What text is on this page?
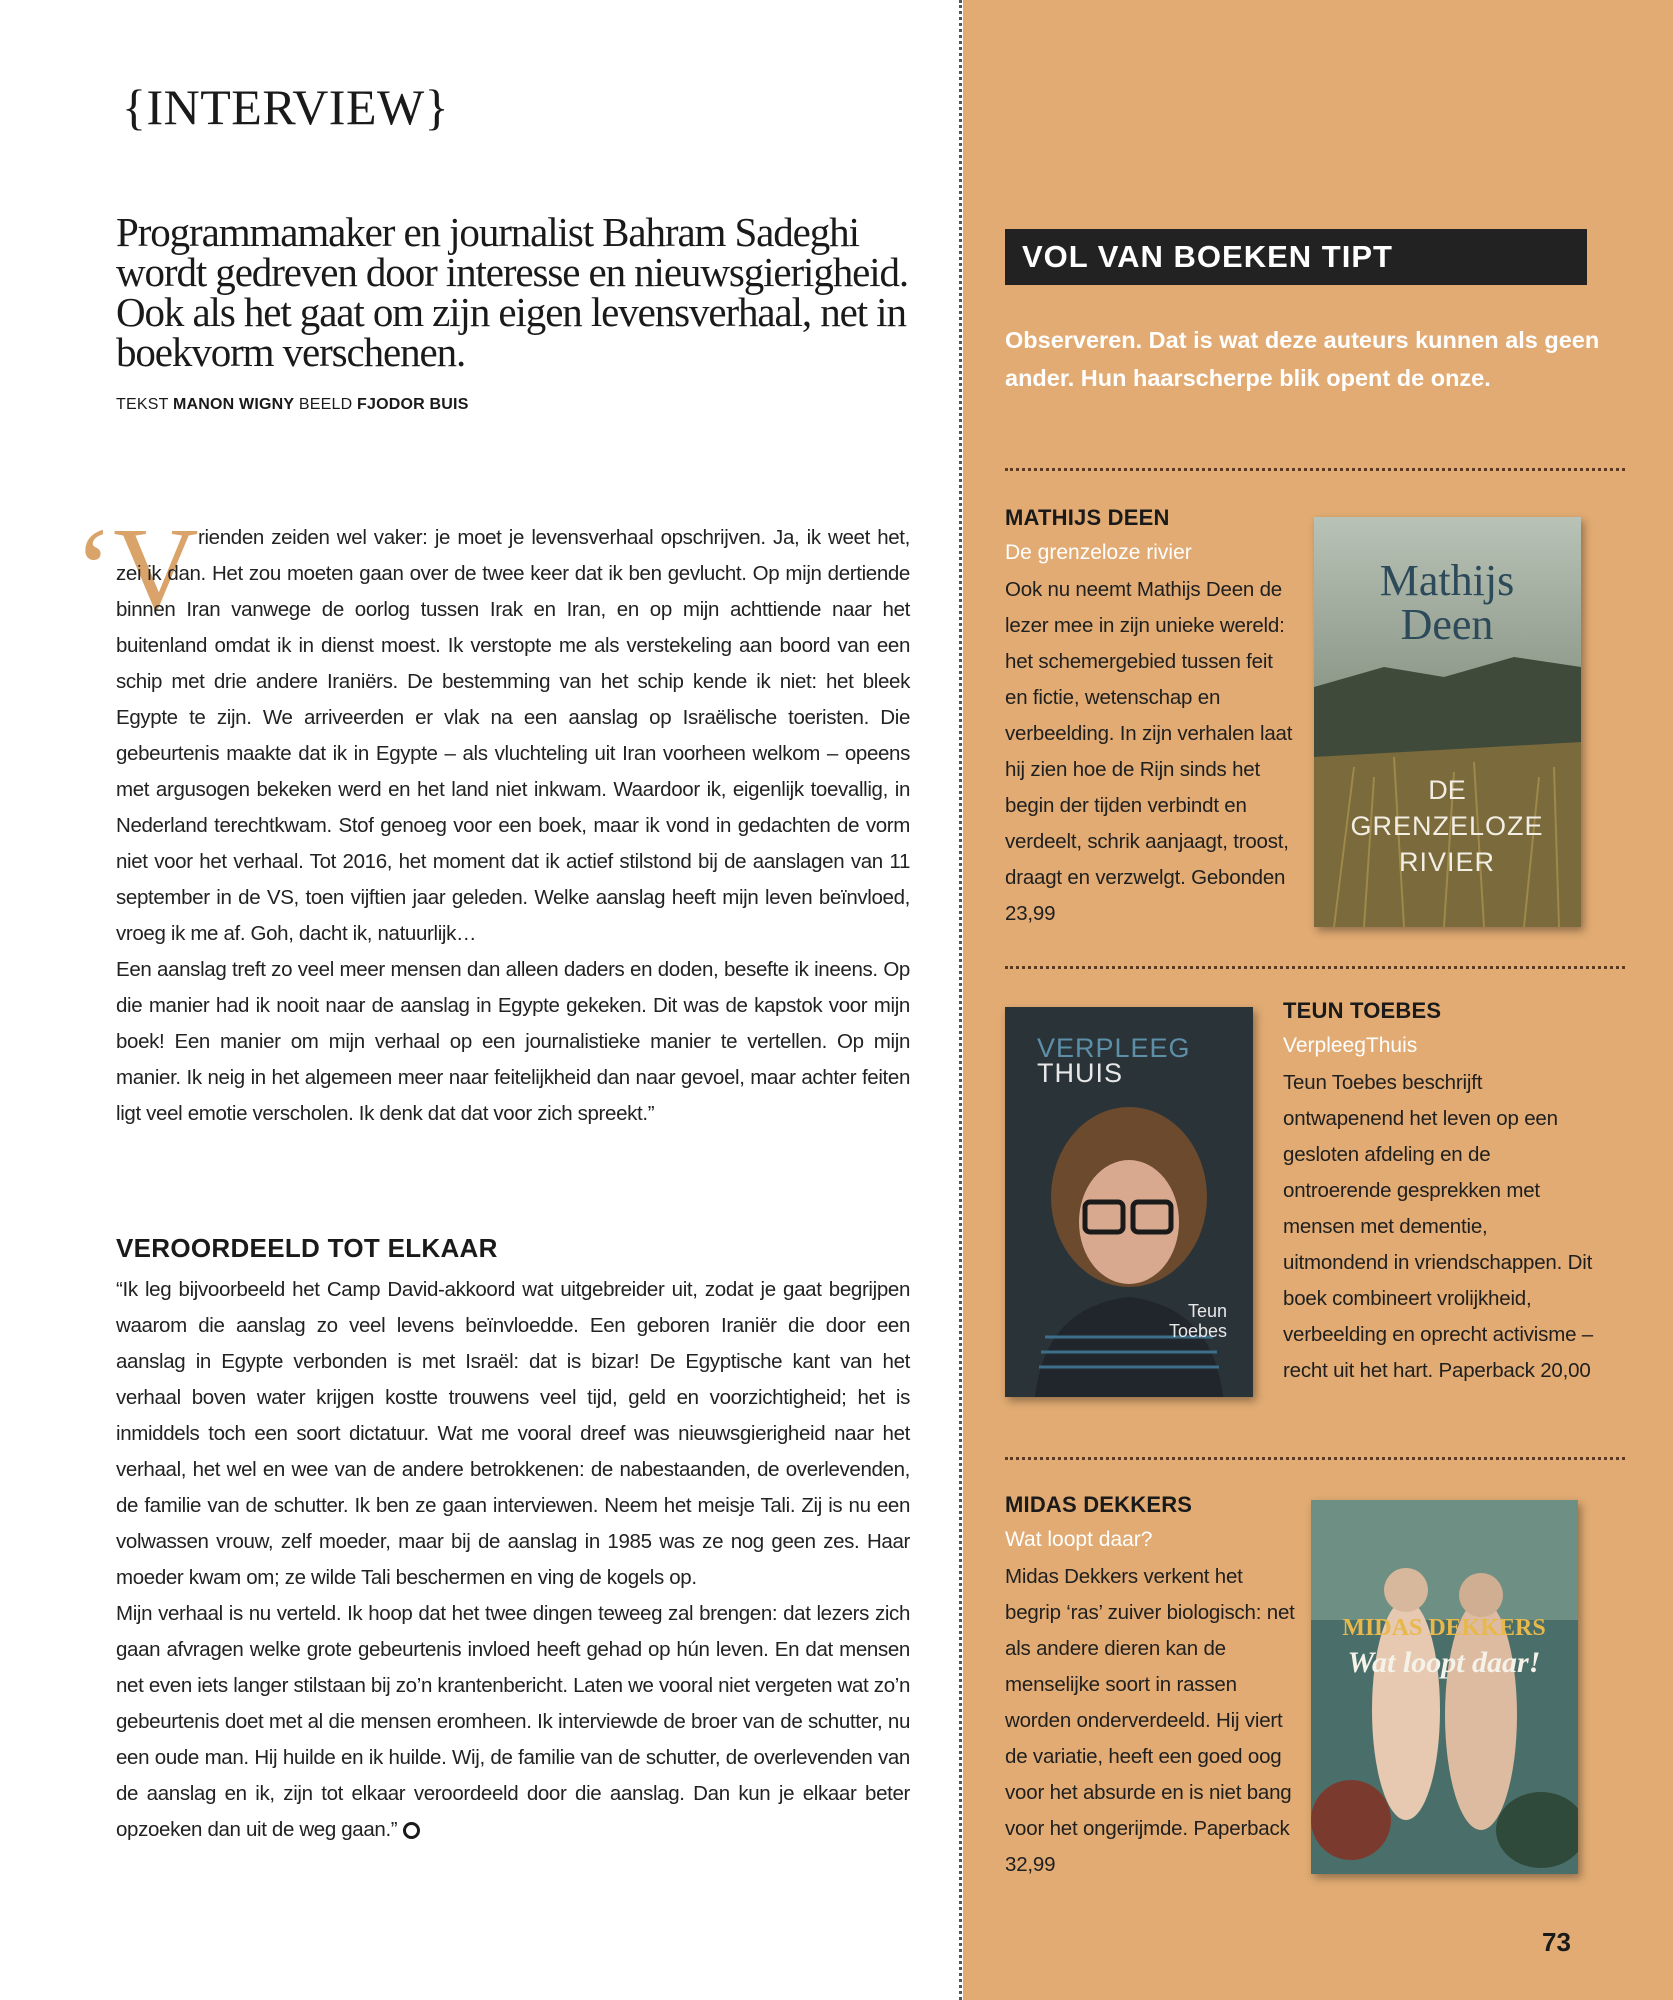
{INTERVIEW}

Programmamaker en journalist Bahram Sadeghi wordt gedreven door interesse en nieuwsgierigheid. Ook als het gaat om zijn eigen levensverhaal, net in boekvorm verschenen.

TEKST MANON WIGNY BEELD FJODOR BUIS
‘V rienden zeiden wel vaker: je moet je levensverhaal opschrijven. Ja, ik weet het, zei ik dan. Het zou moeten gaan over de twee keer dat ik ben gevlucht. Op mijn dertiende binnen Iran vanwege de oorlog tussen Irak en Iran, en op mijn achttiende naar het buitenland omdat ik in dienst moest. Ik verstopte me als verstekeling aan boord van een schip met drie andere Iraniërs. De bestemming van het schip kende ik niet: het bleek Egypte te zijn. We arriveerden er vlak na een aanslag op Israëlische toeristen. Die gebeurtenis maakte dat ik in Egypte – als vluchteling uit Iran voorheen welkom – opeens met argusogen bekeken werd en het land niet inkwam. Waardoor ik, eigenlijk toevallig, in Nederland terechtkwam. Stof genoeg voor een boek, maar ik vond in gedachten de vorm niet voor het verhaal. Tot 2016, het moment dat ik actief stilstond bij de aanslagen van 11 september in de VS, toen vijftien jaar geleden. Welke aanslag heeft mijn leven beïnvloed, vroeg ik me af. Goh, dacht ik, natuurlijk…

Een aanslag treft zo veel meer mensen dan alleen daders en doden, besefte ik ineens. Op die manier had ik nooit naar de aanslag in Egypte gekeken. Dit was de kapstok voor mijn boek! Een manier om mijn verhaal op een journalistieke manier te vertellen. Op mijn manier. Ik neig in het algemeen meer naar feitelijkheid dan naar gevoel, maar achter feiten ligt veel emotie verscholen. Ik denk dat dat voor zich spreekt.”

VEROORDEELD TOT ELKAAR

“Ik leg bijvoorbeeld het Camp David-akkoord wat uitgebreider uit, zodat je gaat begrijpen waarom die aanslag zo veel levens beïnvloedde. Een geboren Iraniër die door een aanslag in Egypte verbonden is met Israël: dat is bizar! De Egyptische kant van het verhaal boven water krijgen kostte trouwens veel tijd, geld en voorzichtigheid; het is inmiddels toch een soort dictatuur. Wat me vooral dreef was nieuwsgierigheid naar het verhaal, het wel en wee van de andere betrokkenen: de nabestaanden, de overlevenden, de familie van de schutter. Ik ben ze gaan interviewen. Neem het meisje Tali. Zij is nu een volwassen vrouw, zelf moeder, maar bij de aanslag in 1985 was ze nog geen zes. Haar moeder kwam om; ze wilde Tali beschermen en ving de kogels op.

Mijn verhaal is nu verteld. Ik hoop dat het twee dingen teweeg zal brengen: dat lezers zich gaan afvragen welke grote gebeurtenis invloed heeft gehad op hún leven. En dat mensen net even iets langer stilstaan bij zo’n krantenbericht. Laten we vooral niet vergeten wat zo’n gebeurtenis doet met al die mensen eromheen. Ik interviewde de broer van de schutter, nu een oude man. Hij huilde en ik huilde. Wij, de familie van de schutter, de overlevenden van de aanslag en ik, zijn tot elkaar veroordeeld door die aanslag. Dan kun je elkaar beter opzoeken dan uit de weg gaan.”

VOL VAN BOEKEN TIPT

Observeren. Dat is wat deze auteurs kunnen als geen ander. Hun haarscherpe blik opent de onze.

MATHIJS DEEN
De grenzeloze rivier

Ook nu neemt Mathijs Deen de lezer mee in zijn unieke wereld: het schemergebied tussen feit en fictie, wetenschap en verbeelding. In zijn verhalen laat hij zien hoe de Rijn sinds het begin der tijden verbindt en verdeelt, schrik aanjaagt, troost, draagt en verzwelgt. Gebonden 23,99

Mathijs
Deen
DE
GRENZELOZE
RIVIER
VERPLEEG
THUIS
Teun
Toebes
TEUN TOEBES
VerpleegThuis

Teun Toebes beschrijft ontwapenend het leven op een gesloten afdeling en de ontroerende gesprekken met mensen met dementie, uitmondend in vriendschappen. Dit boek combineert vrolijkheid, verbeelding en oprecht activisme – recht uit het hart. Paperback 20,00

MIDAS DEKKERS
Wat loopt daar?

Midas Dekkers verkent het begrip ‘ras’ zuiver biologisch: net als andere dieren kan de menselijke soort in rassen worden onderverdeeld. Hij viert de variatie, heeft een goed oog voor het absurde en is niet bang voor het ongerijmde. Paperback 32,99

MIDAS DEKKERS
Wat loopt daar!
73
